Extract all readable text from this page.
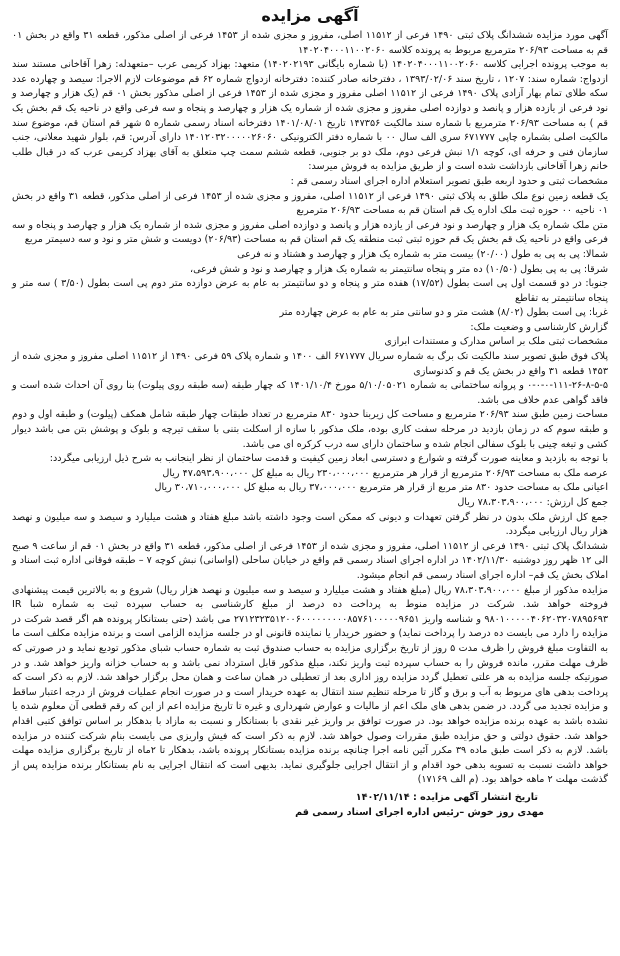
آگهی مزایده

آگهی مورد مزایده ششدانگ پلاک ثبتی ۱۴۹۰ فرعی از ۱۱۵۱۲ اصلی، مفروز و مجزی شده از ۱۴۵۳ فرعی از اصلی مذکور، قطعه ۳۱ واقع در بخش ۰۱ قم به مساحت ۲۰۶/۹۳ مترمربع مربوط به پرونده کلاسه ۱۴۰۲۰۴۰۰۰۱۱۰۰۲۰۶۰

به موجب پرونده اجرایی کلاسه ۱۴۰۲۰۴۰۰۰۱۱۰۰۲۰۶۰ (با شماره بایگانی ۱۴۰۲۰۲۱۹۳) متعهد: بهزاد کریمی عرب –متعهدله: زهرا آقاخانی مستند سند ازدواج: شماره سند: ۱۲۰۷ ، تاریخ سند ۱۳۹۳/۰۲/۰۶ ، دفترخانه صادر کننده: دفترخانه ازدواج شماره ۶۲ قم موضوعات لازم الاجرا: سیصد و چهارده عدد سکه طلای تمام بهار آزادی پلاک ۱۴۹۰ فرعی از ۱۱۵۱۲ اصلی مفروز و مجزی شده از ۱۴۵۳ فرعی از اصلی مذکور بخش ۰۱ قم (یک هزار و چهارصد و نود فرعی از یازده هزار و پانصد و دوازده اصلی مفروز و مجزی شده از شماره یک هزار و چهارصد و پنجاه و سه فرعی واقع در ناحیه یک قم بخش یک قم ) به مساحت ۲۰۶/۹۳ مترمربع با شماره سند مالکیت ۱۴۷۳۵۶ تاریخ ۱۴۰۱/۰۸/۰۱ دفترخانه اسناد رسمی شماره ۵ شهر قم استان قم، موضوع سند مالکیت اصلی بشماره چاپی ۶۷۱۷۷۷ سری الف سال ۰۰ با شماره دفتر الکترونیکی ۱۴۰۱۲۰۳۲۰۰۰۰۰۲۶۰۶۰ دارای آدرس: قم، بلوار شهید معلانی، جنب سازمان فنی و حرفه ای، کوچه ۱/۱ نبش فرعی دوم، ملک دو بر جنوبی، قطعه ششم سمت چپ متعلق به آقای بهزاد کریمی عرب که در قبال طلب خانم زهرا آقاخانی بازداشت شده است و از طریق مزایده به فروش میرسد:

مشخصات ثبتی و حدود اربعه طبق تصویر استعلام اداره اجرای اسناد رسمی قم :

یک قطعه زمین نوع ملک طلق به پلاک ثبتی ۱۴۹۰ فرعی از ۱۱۵۱۲ اصلی، مفروز و مجزی شده از ۱۴۵۳ فرعی از اصلی مذکور، قطعه ۳۱ واقع در بخش ۰۱ ناحیه ۰۰ حوزه ثبت ملک اداره یک قم استان قم به مساحت ۲۰۶/۹۳ مترمربع

متن ملک شماره یک هزار و چهارصد و نود فرعی از یازده هزار و پانصد و دوازده اصلی مفروز و مجزی شده از شماره یک هزار و چهارصد و پنجاه و سه فرعی واقع در ناحیه یک قم بخش یک قم حوزه ثبتی ثبت منطقه یک قم استان قم به مساحت (۲۰۶/۹۳) دویست و شش متر و نود و سه دسیمتر مربع

شمالا: پی به پی به طول (۲۰/۰۰) بیست متر به شماره یک هزار و چهارصد و هشتاد و نه فرعی

شرقا: پی به پی بطول (۱۰/۵۰) ده متر و پنجاه سانتیمتر به شماره یک هزار و چهارصد و نود و شش فرعی،

جنوبا: در دو قسمت اول پی است بطول (۱۷/۵۲) هفده متر و پنجاه و دو سانتیمتر به عام به عرض دوازده متر دوم پی است بطول (۳/۵۰ ) سه متر و پنجاه سانتیمتر به تقاطع

غربا: پی است بطول (۸/۰۲) هشت متر و دو سانتی متر به عام به عرض چهارده متر

گزارش کارشناسی و وضعیت ملک:

مشخصات ثبتی ملک بر اساس مدارک و مستندات ابرازی

پلاک فوق طبق تصویر سند مالکیت تک برگ به شماره سریال ۶۷۱۷۷۷ الف ۱۴۰۰ و شماره پلاک ۵۹ فرعی ۱۴۹۰ از ۱۱۵۱۲ اصلی مفروز و مجزی شده از ۱۴۵۳ قطعه ۳۱ واقع در بخش یک قم و کدنوسازی

۰-۰-۰-۱۱۱-۲۶-۸-۵-۵ و پروانه ساختمانی به شماره ۵/۱۰/۰۵۰۲۱ مورخ ۱۴۰۱/۱۰/۴ که چهار طبقه (سه طبقه روی پیلوت) بنا روی آن احداث شده است و فاقد گواهی عدم خلاف می باشد.

مساحت زمین طبق سند ۲۰۶/۹۳ مترمربع و مساحت کل زیربنا حدود ۸۳۰ مترمربع در تعداد طبقات چهار طبقه شامل همکف (پیلوت) و طبقه اول و دوم و طبقه سوم که در زمان بازدید در مرحله سفت کاری بوده، ملک مذکور با سازه از اسکلت بتنی با سقف تیرچه و بلوک و پوشش بتن می باشد دیوار کشی و تیغه چینی با بلوک سفالی انجام شده و ساختمان دارای سه درب کرکره ای می باشد.

با توجه به بازدید و معاینه صورت گرفته و شوارع و دسترسی ابعاد زمین کیفیت و قدمت ساختمان از نظر اینجانب به شرح ذیل ارزیابی میگردد:

عرصه ملک به مساحت ۲۰۶/۹۳ مترمربع از قرار هر مترمربع ۲۳۰،۰۰۰،۰۰۰ ریال به مبلغ کل ۴۷،۵۹۳،۹۰۰،۰۰۰ ریال

اعیانی ملک به مساحت حدود ۸۳۰ متر مربع از قرار هر مترمربع ۳۷،۰۰۰،۰۰۰ ریال به مبلغ کل ۳۰،۷۱۰،۰۰۰،۰۰۰ ریال

جمع کل ارزش: ۷۸،۳۰۳،۹۰۰،۰۰۰ ریال

جمع کل ارزش ملک بدون در نظر گرفتن تعهدات و دیونی که ممکن است وجود داشته باشد مبلغ هفتاد و هشت میلیارد و سیصد و سه میلیون و نهصد هزار ریال ارزیابی میگردد.

ششدانگ پلاک ثبتی ۱۴۹۰ فرعی از ۱۱۵۱۲ اصلی، مفروز و مجزی شده از ۱۴۵۳ فرعی از اصلی مذکور، قطعه ۳۱ واقع در بخش ۰۱ قم از ساعت ۹ صبح الی ۱۲ ظهر روز دوشنبه ۱۴۰۲/۱۱/۳۰ در اداره اجرای اسناد رسمی قم واقع در خیابان ساحلی (اواسانی) نبش کوچه ۷ – طبقه فوقانی اداره ثبت اسناد و املاک بخش یک قم– اداره اجرای اسناد رسمی قم انجام میشود.

مزایده مذکور از مبلغ ۷۸،۳۰۳،۹۰۰،۰۰۰ ریال (مبلغ هفتاد و هشت میلیارد و سیصد و سه میلیون و نهصد هزار ریال) شروع و به بالاترین قیمت پیشنهادی فروخته خواهد شد. شرکت در مزایده منوط به پرداخت ده درصد از مبلغ کارشناسی به حساب سپرده ثبت به شماره شبا IR ۹۸۰۱۰۰۰۰۰۴۰۶۲۰۳۲۰۷۸۹۵۶۹۳ و شناسه واریز ۲۷۱۲۳۲۳۵۱۲۰۰۶۰۰۰۰۰۰۰۰۰۸۵۷۶۱۰۰۰۰۰۹۶۵۱ می باشد (حتی بستانکار پرونده هم اگر قصد شرکت در مزایده را دارد می بایست ده درصد را پرداخت نماید) و حضور خریدار یا نماینده قانونی او در جلسه مزایده الزامی است و برنده مزایده مکلف است ما به التفاوت مبلغ فروش را ظرف مدت ۵ روز از تاریخ برگزاری مزایده به حساب صندوق ثبت به شماره حساب شبای مذکور تودیع نماید و در صورتی که ظرف مهلت مقرر، مانده فروش را به حساب سپرده ثبت واریز نکند، مبلغ مذکور قابل استرداد نمی باشد و به حساب خزانه واریز خواهد شد. و در صورتیکه جلسه مزایده به هر علتی تعطیل گردد مزایده روز اداری بعد از تعطیلی در همان ساعت و همان محل برگزار خواهد شد. لازم به ذکر است که پرداخت بدهی های مربوط به آب و برق و گاز تا مرحله تنظیم سند انتقال به عهده خریدار است و در صورت انجام عملیات فروش از درجه اعتبار ساقط و مزایده تجدید می گردد. در ضمن بدهی های ملک اعم از مالیات و عوارض شهرداری و غیره تا تاریخ مزایده اعم از این که رقم قطعی آن معلوم شده یا نشده باشد به عهده برنده مزایده خواهد بود. در صورت توافق بر واریز غیر نقدی با بستانکار و نسبت به مازاد با بدهکار بر اساس توافق کتبی اقدام خواهد شد. حقوق دولتی و حق مزایده طبق مقررات وصول خواهد شد. لازم به ذکر است که فیش واریزی می بایست بنام شرکت کننده در مزایده باشد. لازم به ذکر است طبق ماده ۳۹ مکرر آئین نامه اجرا چنانچه برنده مزایده بستانکار پرونده باشد، بدهکار تا ۲ماه از تاریخ برگزاری مزایده مهلت خواهد داشت نسبت به تسویه بدهی خود اقدام و از انتقال اجرایی جلوگیری نماید. بدیهی است که انتقال اجرایی به نام بستانکار برنده مزایده پس از گذشت مهلت ۲ ماهه خواهد بود. (م الف ۱۷۱۶۹)

تاریخ انتشار آگهی مزایده : ۱۴۰۲/۱۱/۱۴
مهدی روز خوش –رئیس اداره اجرای اسناد رسمی قم
